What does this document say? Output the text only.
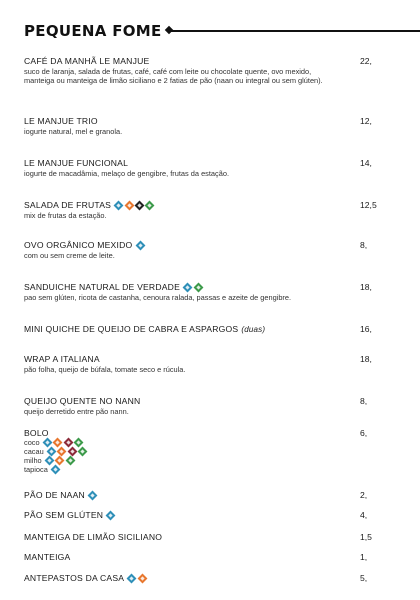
PEQUENA FOME
CAFÉ DA MANHÃ LE MANJUE	22,
suco de laranja, salada de frutas, café, café com leite ou chocolate quente, ovo mexido, manteiga ou manteiga de limão siciliano e 2 fatias de pão (naan ou integral ou sem glúten).
LE MANJUE TRIO	12,
iogurte natural, mel e granola.
LE MANJUE FUNCIONAL	14,
iogurte de macadâmia, melaço de gengibre, frutas da estação.
SALADA DE FRUTAS	12,5
mix de frutas da estação.
OVO ORGÂNICO MEXIDO	8,
com ou sem creme de leite.
SANDUICHE NATURAL DE VERDADE	18,
pao sem glúten, ricota de castanha, cenoura ralada, passas e azeite de gengibre.
MINI QUICHE DE QUEIJO DE CABRA E ASPARGOS (duas)	16,
WRAP A ITALIANA	18,
pão folha, queijo de búfala, tomate seco e rúcula.
QUEIJO QUENTE NO NANN	8,
queijo derretido entre pão nann.
BOLO	6,
coco
cacau
milho
tapioca
PÃO DE NAAN	2,
PÃO SEM GLÚTEN	4,
MANTEIGA DE LIMÃO SICILIANO	1,5
MANTEIGA	1,
ANTEPASTOS DA CASA	5,
